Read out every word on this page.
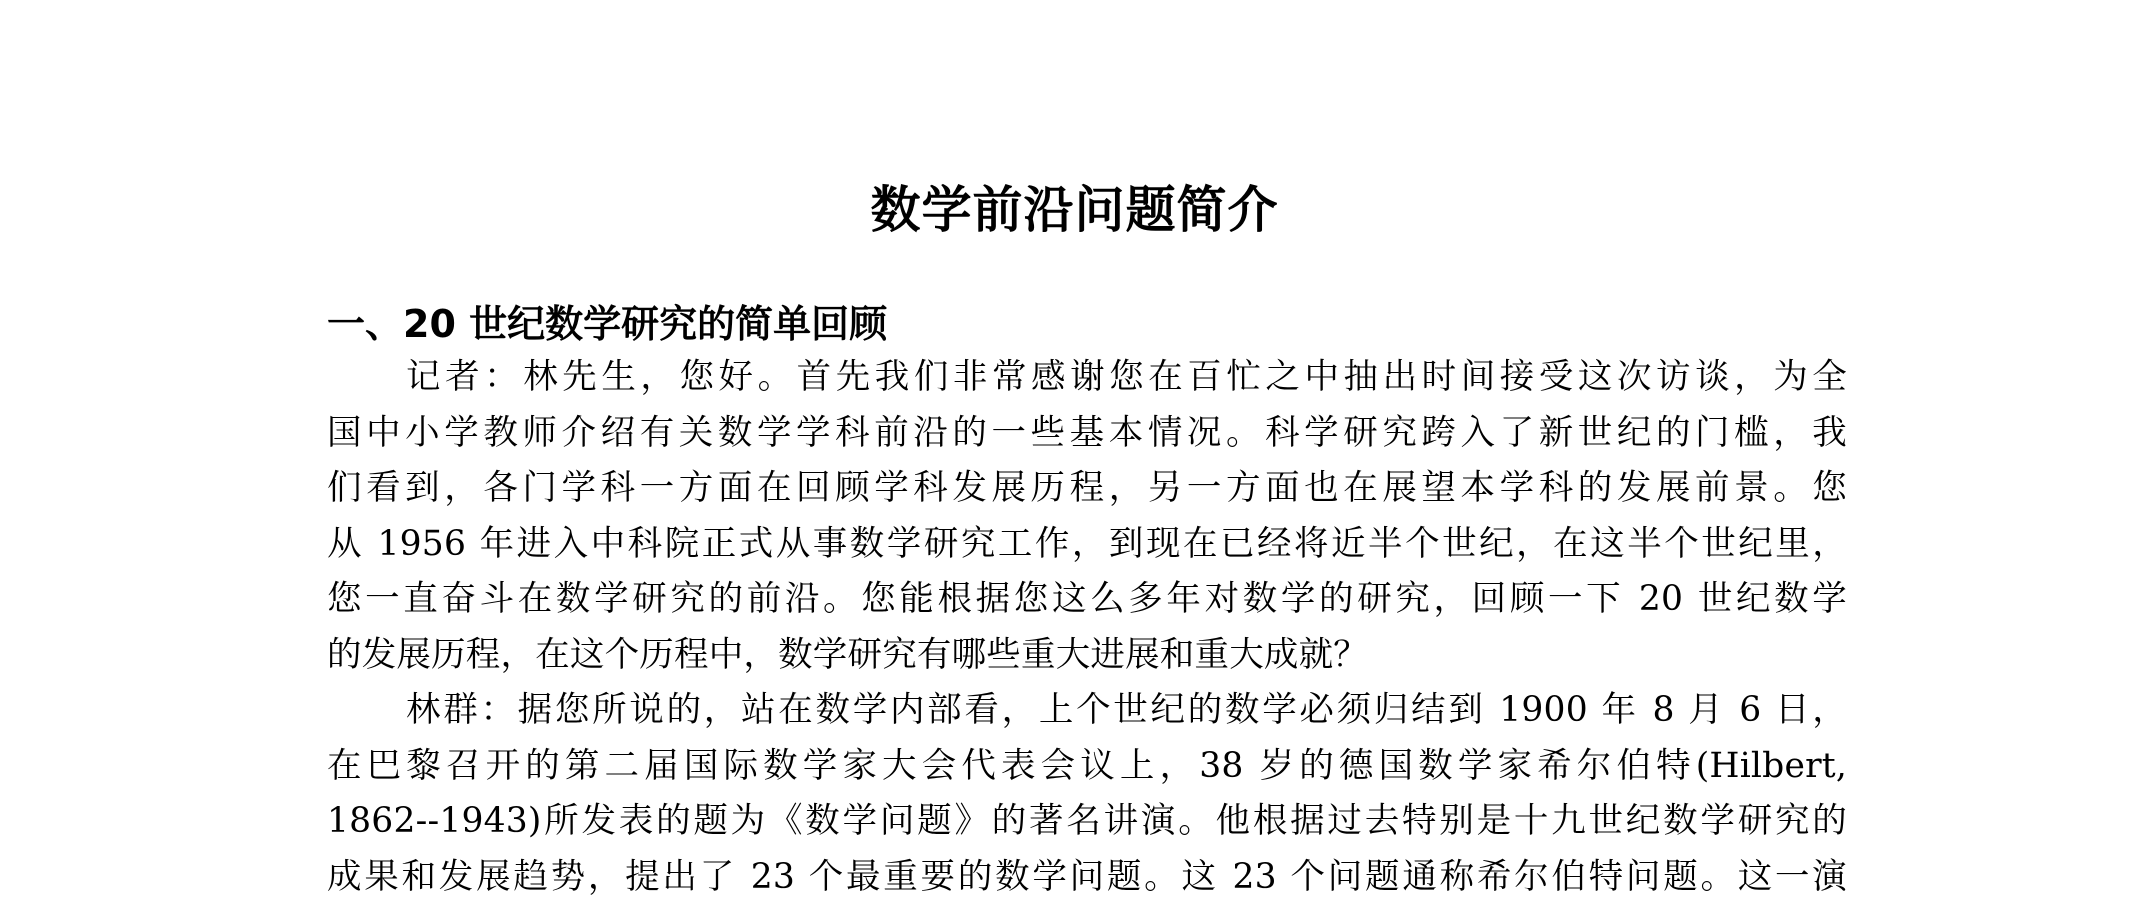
数学前沿问题简介
一、20 世纪数学研究的简单回顾
记者：林先生，您好。首先我们非常感谢您在百忙之中抽出时间接受这次访谈，为全
国中小学教师介绍有关数学学科前沿的一些基本情况。科学研究跨入了新世纪的门槛，我
们看到，各门学科一方面在回顾学科发展历程，另一方面也在展望本学科的发展前景。您
从 1956 年进入中科院正式从事数学研究工作，到现在已经将近半个世纪，在这半个世纪里，
您一直奋斗在数学研究的前沿。您能根据您这么多年对数学的研究，回顾一下 20 世纪数学
的发展历程，在这个历程中，数学研究有哪些重大进展和重大成就？
林群：据您所说的，站在数学内部看，上个世纪的数学必须归结到 1900 年 8 月 6 日，
在巴黎召开的第二届国际数学家大会代表会议上，38 岁的德国数学家希尔伯特(Hilbert,
1862--1943)所发表的题为《数学问题》的著名讲演。他根据过去特别是十九世纪数学研究的
成果和发展趋势，提出了 23 个最重要的数学问题。这 23 个问题通称希尔伯特问题。这一演
